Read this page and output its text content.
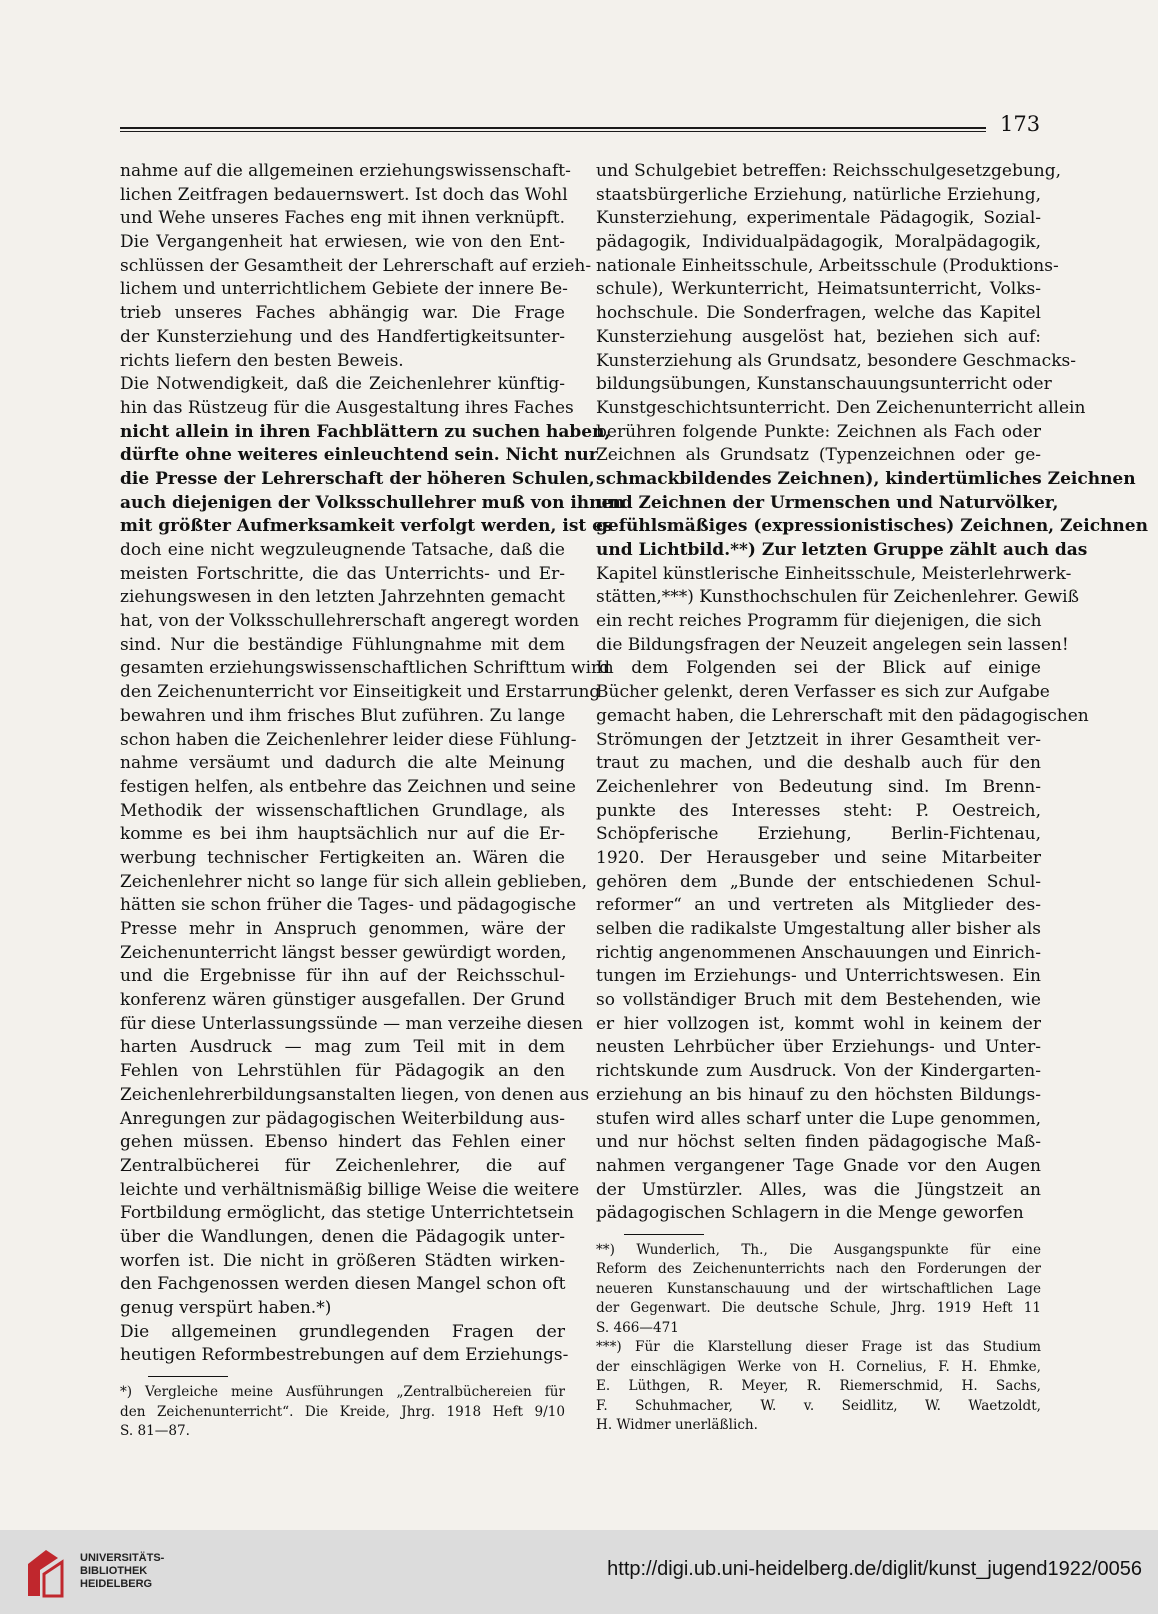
173
nahme auf die allgemeinen erziehungswissenschaft-
lichen Zeitfragen bedauernswert. Ist doch das Wohl
und Wehe unseres Faches eng mit ihnen verknüpft.
Die Vergangenheit hat erwiesen, wie von den Ent-
schlüssen der Gesamtheit der Lehrerschaft auf erzieh-
lichem und unterrichtlichem Gebiete der innere Be-
trieb unseres Faches abhängig war. Die Frage
der Kunsterziehung und des Handfertigkeitsunter-
richts liefern den besten Beweis.
Die Notwendigkeit, daß die Zeichenlehrer künftig-
hin das Rüstzeug für die Ausgestaltung ihres Faches
nicht allein in ihren Fachblättern zu suchen haben,
dürfte ohne weiteres einleuchtend sein. Nicht nur
die Presse der Lehrerschaft der höheren Schulen,
auch diejenigen der Volksschullehrer muß von ihnen
mit größter Aufmerksamkeit verfolgt werden, ist es
doch eine nicht wegzuleugnende Tatsache, daß die
meisten Fortschritte, die das Unterrichts- und Er-
ziehungswesen in den letzten Jahrzehnten gemacht
hat, von der Volksschullehrerschaft angeregt worden
sind. Nur die beständige Fühlungnahme mit dem
gesamten erziehungswissenschaftlichen Schrifttum wird
den Zeichenunterricht vor Einseitigkeit und Erstarrung
bewahren und ihm frisches Blut zuführen. Zu lange
schon haben die Zeichenlehrer leider diese Fühlung-
nahme versäumt und dadurch die alte Meinung
festigen helfen, als entbehre das Zeichnen und seine
Methodik der wissenschaftlichen Grundlage, als
komme es bei ihm hauptsächlich nur auf die Er-
werbung technischer Fertigkeiten an. Wären die
Zeichenlehrer nicht so lange für sich allein geblieben,
hätten sie schon früher die Tages- und pädagogische
Presse mehr in Anspruch genommen, wäre der
Zeichenunterricht längst besser gewürdigt worden,
und die Ergebnisse für ihn auf der Reichsschul-
konferenz wären günstiger ausgefallen. Der Grund
für diese Unterlassungssünde — man verzeihe diesen
harten Ausdruck — mag zum Teil mit in dem
Fehlen von Lehrstühlen für Pädagogik an den
Zeichenlehrerbildungsanstalten liegen, von denen aus
Anregungen zur pädagogischen Weiterbildung aus-
gehen müssen. Ebenso hindert das Fehlen einer
Zentralbücherei für Zeichenlehrer, die auf
leichte und verhältnismäßig billige Weise die weitere
Fortbildung ermöglicht, das stetige Unterrichtetsein
über die Wandlungen, denen die Pädagogik unter-
worfen ist. Die nicht in größeren Städten wirken-
den Fachgenossen werden diesen Mangel schon oft
genug verspürt haben.*)
Die allgemeinen grundlegenden Fragen der
heutigen Reformbestrebungen auf dem Erziehungs-
*) Vergleiche meine Ausführungen „Zentralbüchereien für
den Zeichenunterricht“. Die Kreide, Jhrg. 1918 Heft 9/10
S. 81—87.
und Schulgebiet betreffen: Reichsschulgesetzgebung,
staatsbürgerliche Erziehung, natürliche Erziehung,
Kunsterziehung, experimentale Pädagogik, Sozial-
pädagogik, Individualpädagogik, Moralpädagogik,
nationale Einheitsschule, Arbeitsschule (Produktions-
schule), Werkunterricht, Heimatsunterricht, Volks-
hochschule. Die Sonderfragen, welche das Kapitel
Kunsterziehung ausgelöst hat, beziehen sich auf:
Kunsterziehung als Grundsatz, besondere Geschmacks-
bildungsübungen, Kunstanschauungsunterricht oder
Kunstgeschichtsunterricht. Den Zeichenunterricht allein
berühren folgende Punkte: Zeichnen als Fach oder
Zeichnen als Grundsatz (Typenzeichnen oder ge-
schmackbildendes Zeichnen), kindertümliches Zeichnen
und Zeichnen der Urmenschen und Naturvölker,
gefühlsmäßiges (expressionistisches) Zeichnen, Zeichnen
und Lichtbild.**) Zur letzten Gruppe zählt auch das
Kapitel künstlerische Einheitsschule, Meisterlehrwerk-
stätten,***) Kunsthochschulen für Zeichenlehrer. Gewiß
ein recht reiches Programm für diejenigen, die sich
die Bildungsfragen der Neuzeit angelegen sein lassen!
In dem Folgenden sei der Blick auf einige
Bücher gelenkt, deren Verfasser es sich zur Aufgabe
gemacht haben, die Lehrerschaft mit den pädagogischen
Strömungen der Jetztzeit in ihrer Gesamtheit ver-
traut zu machen, und die deshalb auch für den
Zeichenlehrer von Bedeutung sind. Im Brenn-
punkte des Interesses steht: P. Oestreich,
Schöpferische Erziehung, Berlin-Fichtenau,
1920. Der Herausgeber und seine Mitarbeiter
gehören dem „Bunde der entschiedenen Schul-
reformer“ an und vertreten als Mitglieder des-
selben die radikalste Umgestaltung aller bisher als
richtig angenommenen Anschauungen und Einrich-
tungen im Erziehungs- und Unterrichtswesen. Ein
so vollständiger Bruch mit dem Bestehenden, wie
er hier vollzogen ist, kommt wohl in keinem der
neusten Lehrbücher über Erziehungs- und Unter-
richtskunde zum Ausdruck. Von der Kindergarten-
erziehung an bis hinauf zu den höchsten Bildungs-
stufen wird alles scharf unter die Lupe genommen,
und nur höchst selten finden pädagogische Maß-
nahmen vergangener Tage Gnade vor den Augen
der Umstürzler. Alles, was die Jüngstzeit an
pädagogischen Schlagern in die Menge geworfen
**) Wunderlich, Th., Die Ausgangspunkte für eine
Reform des Zeichenunterrichts nach den Forderungen der
neueren Kunstanschauung und der wirtschaftlichen Lage
der Gegenwart. Die deutsche Schule, Jhrg. 1919 Heft 11
S. 466—471
***) Für die Klarstellung dieser Frage ist das Studium
der einschlägigen Werke von H. Cornelius, F. H. Ehmke,
E. Lüthgen, R. Meyer, R. Riemerschmid, H. Sachs,
F. Schuhmacher, W. v. Seidlitz, W. Waetzoldt,
H. Widmer unerläßlich.
UNIVERSITÄTS-
BIBLIOTHEK
HEIDELBERG
http://digi.ub.uni-heidelberg.de/diglit/kunst_jugend1922/0056
